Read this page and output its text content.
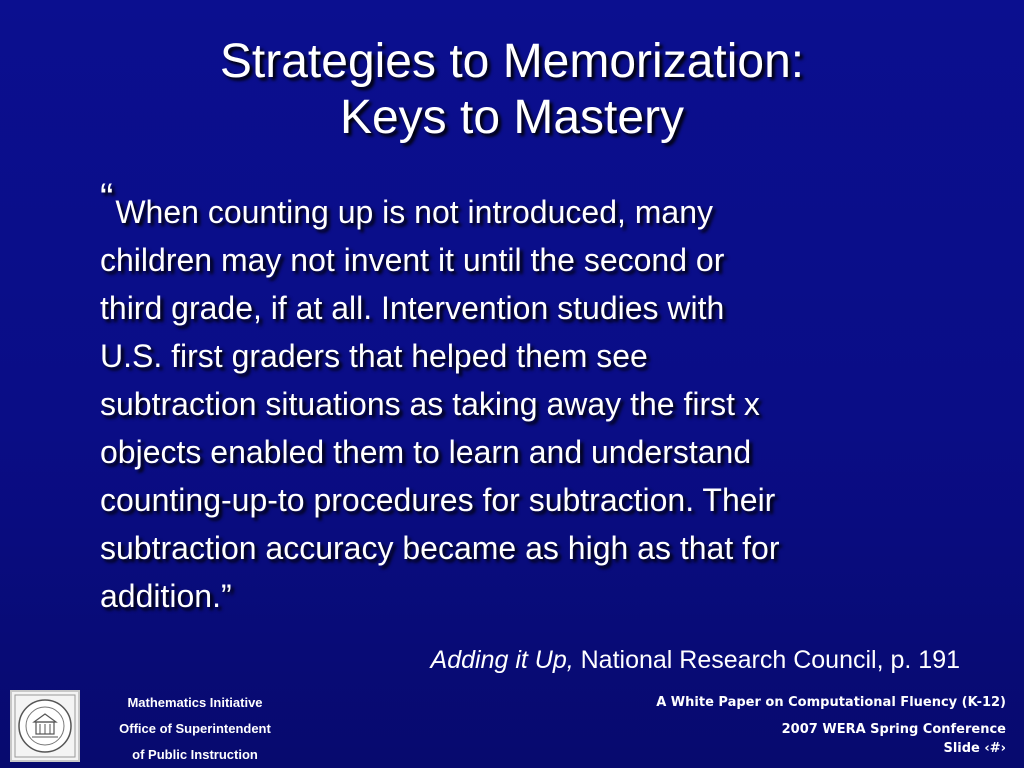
Strategies to Memorization:
Keys to Mastery
“When counting up is not introduced, many
children may not invent it until the second or
third grade, if at all. Intervention studies with
U.S. first graders that helped them see
subtraction situations as taking away the first x
objects enabled them to learn and understand
counting-up-to procedures for subtraction. Their
subtraction accuracy became as high as that for
addition.”
Adding it Up, National Research Council, p. 191
Mathematics Initiative
Office of Superintendent
of Public Instruction
A White Paper on Computational Fluency (K-12)
2007 WERA Spring Conference
Slide ‹#›
